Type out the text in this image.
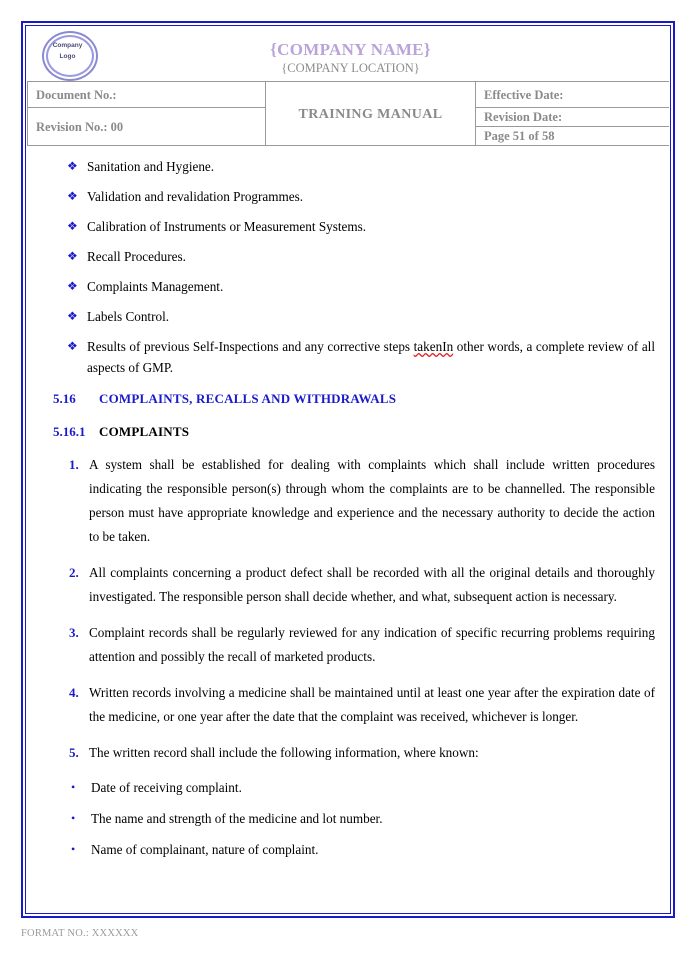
Company
Logo {COMPANY NAME}
{COMPANY LOCATION}		

Document No.:	TRAINING MANUAL	Effective Date:
Revision No.: 00		Revision Date:
		Page 51 of 58
❖ Sanitation and Hygiene.
❖ Validation and revalidation Programmes.
❖ Calibration of Instruments or Measurement Systems.
❖ Recall Procedures.
❖ Complaints Management.
❖ Labels Control.
❖ Results of previous Self-Inspections and any corrective steps takenIn other words, a complete review of all aspects of GMP.
5.16	COMPLAINTS, RECALLS AND WITHDRAWALS
5.16.1	COMPLAINTS
1. A system shall be established for dealing with complaints which shall include written procedures indicating the responsible person(s) through whom the complaints are to be channelled. The responsible person must have appropriate knowledge and experience and the necessary authority to decide the action to be taken.
2. All complaints concerning a product defect shall be recorded with all the original details and thoroughly investigated. The responsible person shall decide whether, and what, subsequent action is necessary.
3. Complaint records shall be regularly reviewed for any indication of specific recurring problems requiring attention and possibly the recall of marketed products.
4. Written records involving a medicine shall be maintained until at least one year after the expiration date of the medicine, or one year after the date that the complaint was received, whichever is longer.
5. The written record shall include the following information, where known:
•	Date of receiving complaint.
•	The name and strength of the medicine and lot number.
•	Name of complainant, nature of complaint.
FORMAT NO.: XXXXXX
